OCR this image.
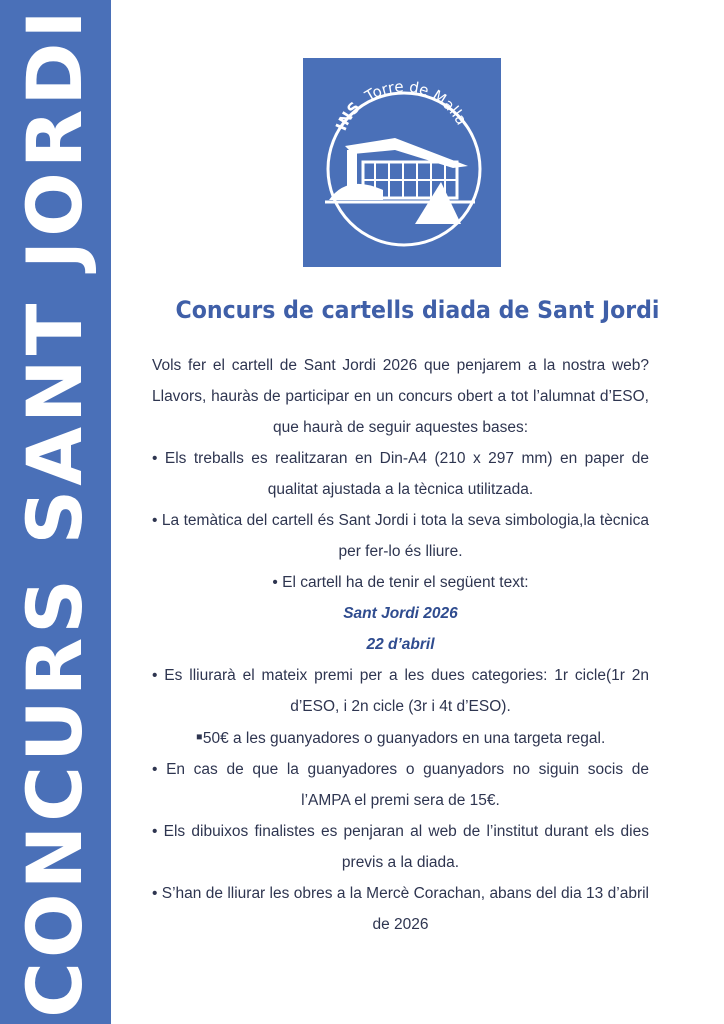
CONCURS SANT JORDI	INS Torre de Malla
Concurs de cartells diada de Sant Jordi

Vols fer el cartell de Sant Jordi 2026 que penjarem a la nostra web? Llavors, hauràs de participar en un concurs obert a tot l’alumnat d’ESO, que haurà de seguir aquestes bases:

• Els treballs es realitzaran en Din-A4 (210 x 297 mm) en paper de qualitat ajustada a la tècnica utilitzada.

• La temàtica del cartell és Sant Jordi i tota la seva simbologia,la tècnica per fer-lo és lliure.

• El cartell ha de tenir el següent text:

Sant Jordi 2026

22 d’abril

• Es lliurarà el mateix premi per a les dues categories: 1r cicle(1r 2n d’ESO, i 2n cicle (3r i 4t d’ESO).

▪50€ a les guanyadores o guanyadors en una targeta regal.

• En cas de que la guanyadores o guanyadors no siguin socis de l’AMPA el premi sera de 15€.

• Els dibuixos finalistes es penjaran al web de l’institut durant els dies previs a la diada.

• S’han de lliurar les obres a la Mercè Corachan, abans del dia 13 d’abril de 2026
